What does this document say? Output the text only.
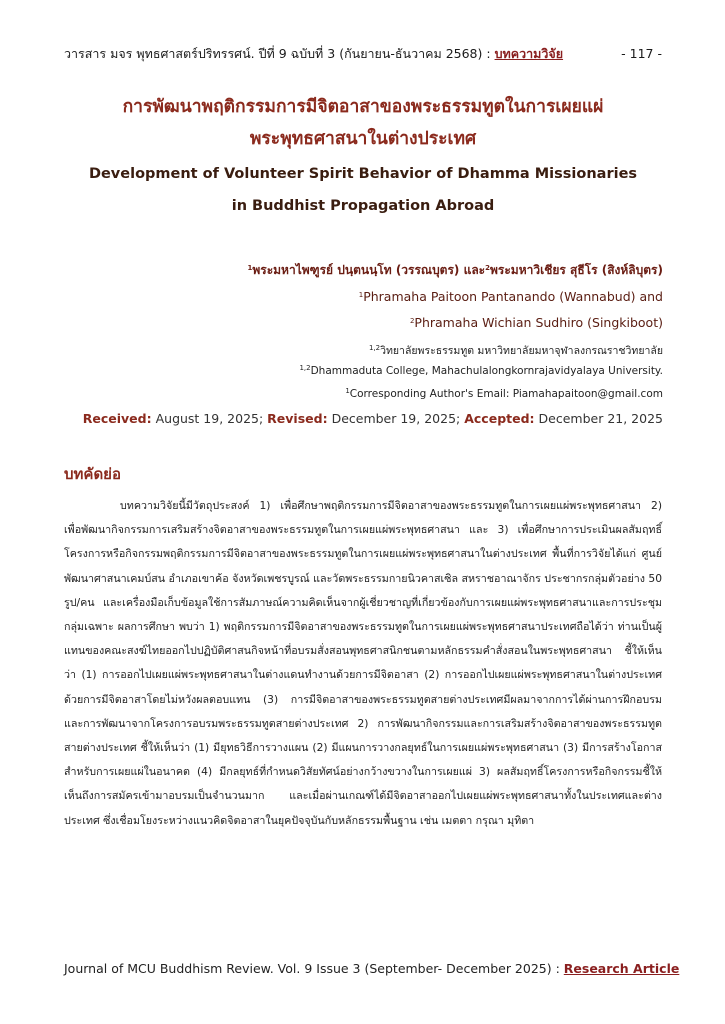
วารสาร มจร พุทธศาสตร์ปริทรรศน์. ปีที่ 9 ฉบับที่ 3 (กันยายน-ธันวาคม 2568) : บทความวิจัย	- 117 -
การพัฒนาพฤติกรรมการมีจิตอาสาของพระธรรมทูตในการเผยแผ่
พระพุทธศาสนาในต่างประเทศ
Development of Volunteer Spirit Behavior of Dhamma Missionaries
in Buddhist Propagation Abroad
$^1$พระมหาไพฑูรย์ ปนฺตนนฺโท (วรรณบุตร) และ$^2$พระมหาวิเชียร สุธีโร (สิงห์ลิบุตร)
$^1$Phramaha Paitoon Pantanando (Wannabud) and
$^2$Phramaha Wichian Sudhiro (Singkiboot)
$^{1,2}$วิทยาลัยพระธรรมทูต มหาวิทยาลัยมหาจุฬาลงกรณราชวิทยาลัย
$^{1,2}$Dhammaduta College, Mahachulalongkornrajavidyalaya University.
$^1$Corresponding Author's Email: Piamahapaitoon@gmail.com
Received: August 19, 2025; Revised: December 19, 2025; Accepted: December 21, 2025
บทคัดย่อ

บทความวิจัยนี้มีวัตถุประสงค์ 1) เพื่อศึกษาพฤติกรรมการมีจิตอาสาของพระธรรมทูตในการเผยแผ่พระพุทธศาสนา 2) เพื่อพัฒนากิจกรรมการเสริมสร้างจิตอาสาของพระธรรมทูตในการเผยแผ่พระพุทธศาสนา และ 3) เพื่อศึกษาการประเมินผลสัมฤทธิ์โครงการหรือกิจกรรมพฤติกรรมการมีจิตอาสาของพระธรรมทูตในการเผยแผ่พระพุทธศาสนาในต่างประเทศ พื้นที่การวิจัยได้แก่ ศูนย์พัฒนาศาสนาเคมบ์สน อำเภอเขาค้อ จังหวัดเพชรบูรณ์ และวัดพระธรรมกายนิวคาสเซิล สหราชอาณาจักร ประชากรกลุ่มตัวอย่าง 50 รูป/คน และเครื่องมือเก็บข้อมูลใช้การสัมภาษณ์ความคิดเห็นจากผู้เชี่ยวชาญที่เกี่ยวข้องกับการเผยแผ่พระพุทธศาสนาและการประชุมกลุ่มเฉพาะ ผลการศึกษา พบว่า 1) พฤติกรรมการมีจิตอาสาของพระธรรมทูตในการเผยแผ่พระพุทธศาสนาประเทศถือได้ว่า ท่านเป็นผู้แทนของคณะสงฆ์ไทยออกไปปฏิบัติศาสนกิจหน้าที่อบรมสั่งสอนพุทธศาสนิกชนตามหลักธรรมคำสั่งสอนในพระพุทธศาสนา ชี้ให้เห็นว่า (1) การออกไปเผยแผ่พระพุทธศาสนาในต่างแดนทำงานด้วยการมีจิตอาสา (2) การออกไปเผยแผ่พระพุทธศาสนาในต่างประเทศด้วยการมีจิตอาสาโดยไม่หวังผลตอบแทน (3) การมีจิตอาสาของพระธรรมทูตสายต่างประเทศมีผลมาจากการได้ผ่านการฝึกอบรมและการพัฒนาจากโครงการอบรมพระธรรมทูตสายต่างประเทศ 2) การพัฒนากิจกรรมและการเสริมสร้างจิตอาสาของพระธรรมทูตสายต่างประเทศ ชี้ให้เห็นว่า (1) มียุทธวิธีการวางแผน (2) มีแผนการวางกลยุทธ์ในการเผยแผ่พระพุทธศาสนา (3) มีการสร้างโอกาสสำหรับการเผยแผ่ในอนาคต (4) มีกลยุทธ์ที่กำหนดวิสัยทัศน์อย่างกว้างขวางในการเผยแผ่ 3) ผลสัมฤทธิ์โครงการหรือกิจกรรมชี้ให้เห็นถึงการสมัครเข้ามาอบรมเป็นจำนวนมาก และเมื่อผ่านเกณฑ์ได้มีจิตอาสาออกไปเผยแผ่พระพุทธศาสนาทั้งในประเทศและต่างประเทศ ซึ่งเชื่อมโยงระหว่างแนวคิดจิตอาสาในยุคปัจจุบันกับหลักธรรมพื้นฐาน เช่น เมตตา กรุณา มุทิตา

Journal of MCU Buddhism Review. Vol. 9 Issue 3 (September- December 2025) : Research Article
